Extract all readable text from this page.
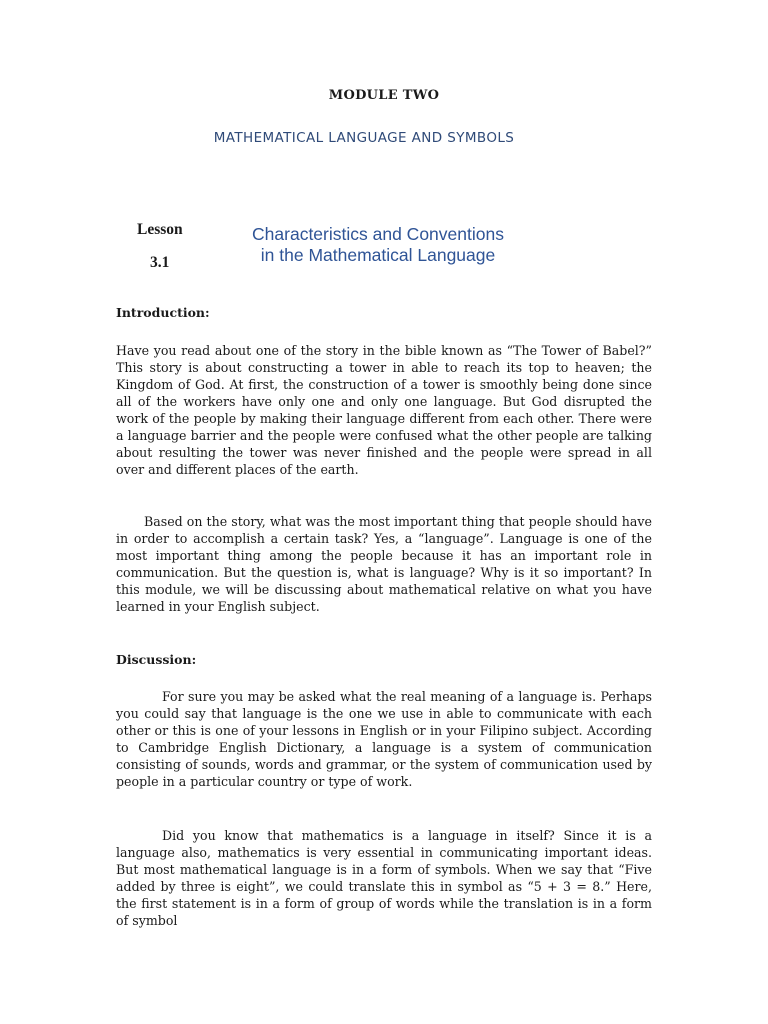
MODULE TWO
MATHEMATICAL LANGUAGE AND SYMBOLS
Lesson
3.1
Characteristics and Conventions
in the Mathematical Language
Introduction:

Have you read about one of the story in the bible known as “The Tower of Babel?” This story is about constructing a tower in able to reach its top to heaven; the Kingdom of God. At first, the construction of a tower is smoothly being done since all of the workers have only one and only one language. But God disrupted the work of the people by making their language different from each other. There were a language barrier and the people were confused what the other people are talking about resulting the tower was never finished and the people were spread in all over and different places of the earth.

Based on the story, what was the most important thing that people should have in order to accomplish a certain task? Yes, a “language”. Language is one of the most important thing among the people because it has an important role in communication. But the question is, what is language? Why is it so important? In this module, we will be discussing about mathematical relative on what you have learned in your English subject.

Discussion:

For sure you may be asked what the real meaning of a language is. Perhaps you could say that language is the one we use in able to communicate with each other or this is one of your lessons in English or in your Filipino subject. According to Cambridge English Dictionary, a language is a system of communication consisting of sounds, words and grammar, or the system of communication used by people in a particular country or type of work.

Did you know that mathematics is a language in itself? Since it is a language also, mathematics is very essential in communicating important ideas. But most mathematical language is in a form of symbols. When we say that “Five added by three is eight”, we could translate this in symbol as “5 + 3 = 8.” Here, the first statement is in a form of group of words while the translation is in a form of symbol
